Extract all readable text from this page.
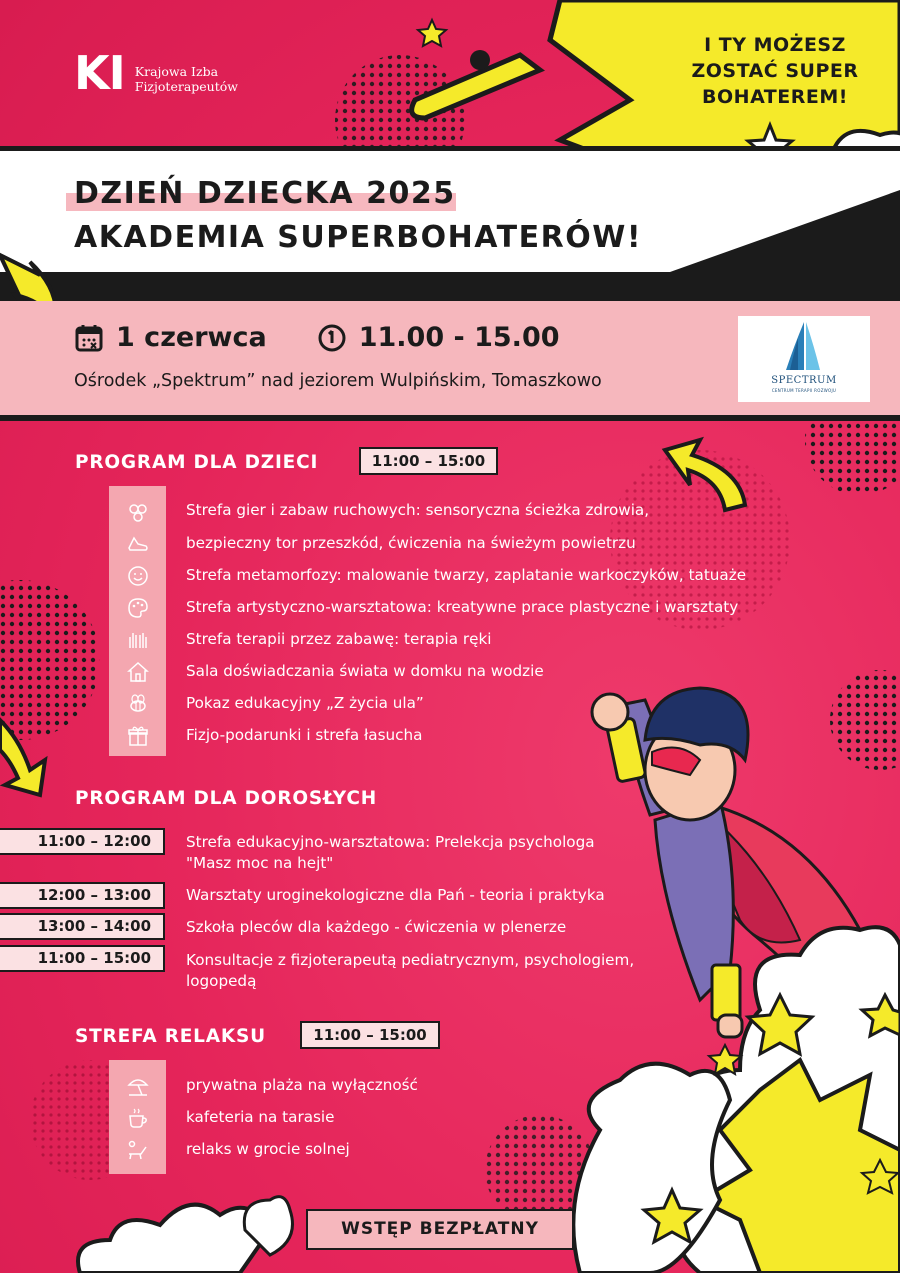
KI Krajowa Izba
Fizjoterapeutów
I TY MOŻESZ
ZOSTAĆ SUPER
BOHATEREM!
DZIEŃ DZIECKA 2025
AKADEMIA SUPERBOHATERÓW!
1 czerwca	11.00 - 15.00
Ośrodek „Spektrum” nad jeziorem Wulpińskim, Tomaszkowo	SPECTRUM
CENTRUM TERAPII ROZWOJU
PROGRAM DLA DZIECI	11:00 – 15:00
Strefa gier i zabaw ruchowych: sensoryczna ścieżka zdrowia,
bezpieczny tor przeszkód, ćwiczenia na świeżym powietrzu
Strefa metamorfozy: malowanie twarzy, zaplatanie warkoczyków, tatuaże
Strefa artystyczno-warsztatowa: kreatywne prace plastyczne i warsztaty
Strefa terapii przez zabawę: terapia ręki
Sala doświadczania świata w domku na wodzie
Pokaz edukacyjny „Z życia ula”
Fizjo-podarunki i strefa łasucha
PROGRAM DLA DOROSŁYCH
11:00 – 12:00	Strefa edukacyjno-warsztatowa: Prelekcja psychologa
"Masz moc na hejt"
12:00 – 13:00	Warsztaty uroginekologiczne dla Pań - teoria i praktyka
13:00 – 14:00	Szkoła pleców dla każdego - ćwiczenia w plenerze
11:00 – 15:00	Konsultacje z fizjoterapeutą pediatrycznym, psychologiem,
logopedą
STREFA RELAKSU	11:00 – 15:00
prywatna plaża na wyłączność
kafeteria na tarasie
relaks w grocie solnej
WSTĘP BEZPŁATNY
